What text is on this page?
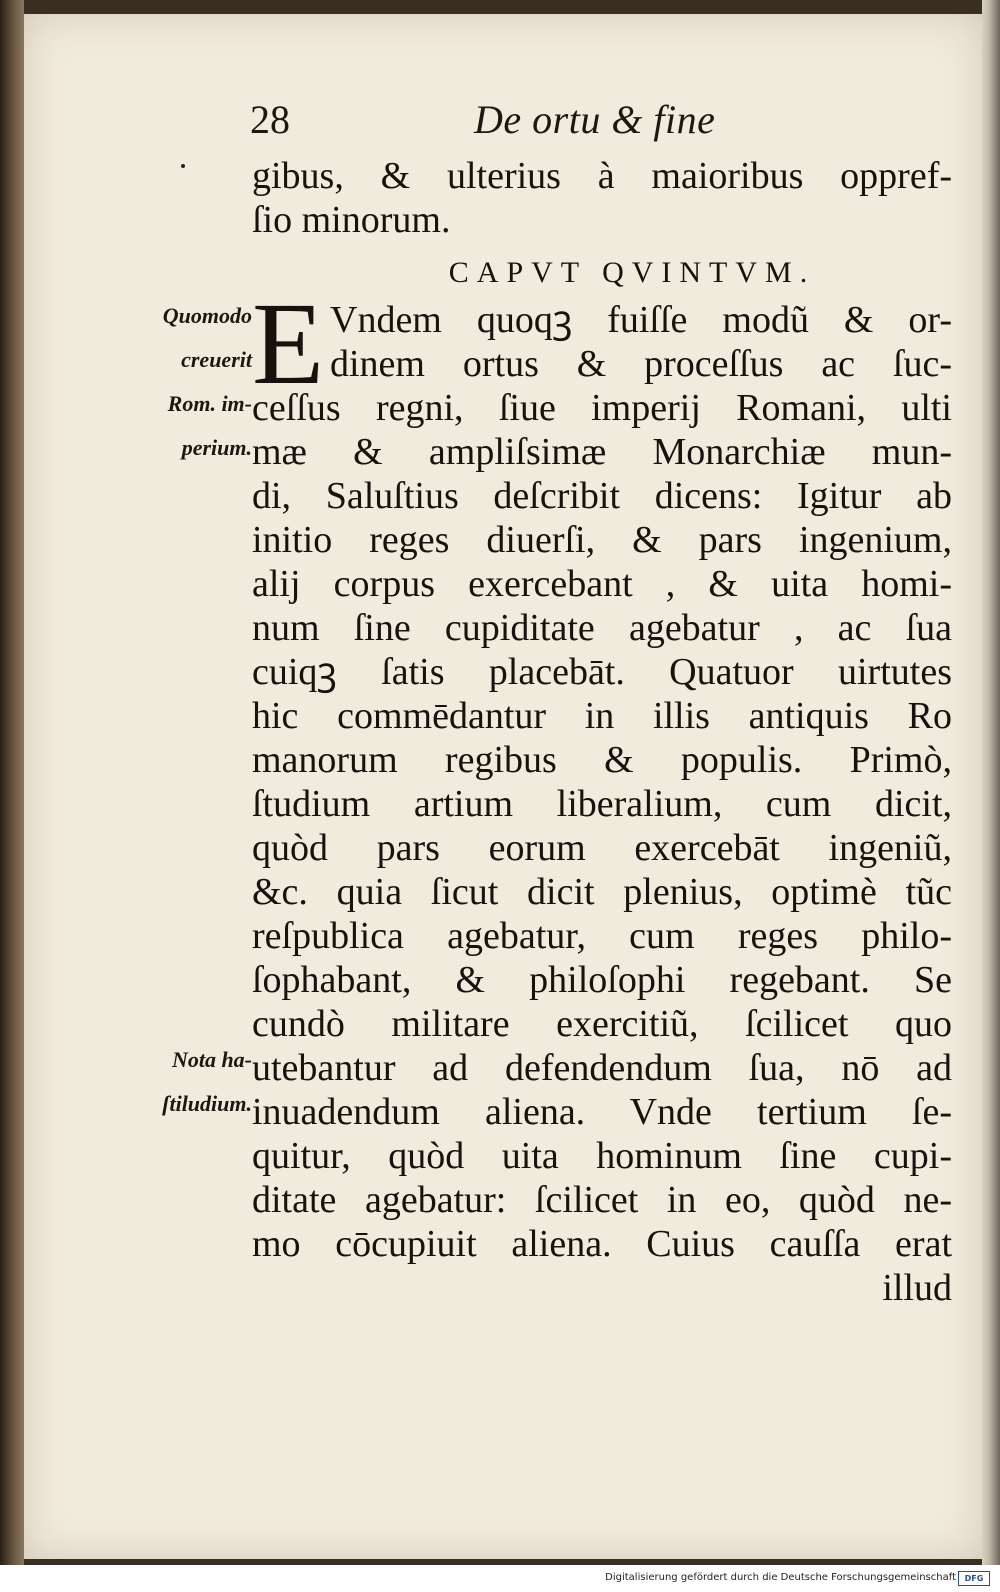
28	De ortu & fine
E
gibus, & ulterius à maioribus oppref-
ſio minorum.
CAPVT QVINTVM.
Vndem quoqꝫ fuiſſe modũ & or-
dinem ortus & proceſſus ac ſuc-
ceſſus regni, ſiue imperij Romani, ulti
mæ & ampliſsimæ Monarchiæ mun-
di, Saluſtius deſcribit dicens: Igitur ab
initio reges diuerſi, & pars ingenium,
alij corpus exercebant , & uita homi-
num ſine cupiditate agebatur , ac ſua
cuiqꝫ ſatis placebāt. Quatuor uirtutes
hic commēdantur in illis antiquis Ro
manorum regibus & populis. Primò,
ſtudium artium liberalium, cum dicit,
quòd pars eorum exercebāt ingeniũ,
&c. quia ſicut dicit plenius, optimè tũc
reſpublica agebatur, cum reges philo-
ſophabant, & philoſophi regebant. Se
cundò militare exercitiũ, ſcilicet quo
utebantur ad defendendum ſua, nō ad
inuadendum aliena. Vnde tertium ſe-
quitur, quòd uita hominum ſine cupi-
ditate agebatur: ſcilicet in eo, quòd ne-
mo cōcupiuit aliena. Cuius cauſſa erat
illud
Quomodo
creuerit
Rom. im-
perium.
Nota ha-
ſtiludium.
Digitalisierung gefördert durch die Deutsche Forschungsgemeinschaft	DFG
